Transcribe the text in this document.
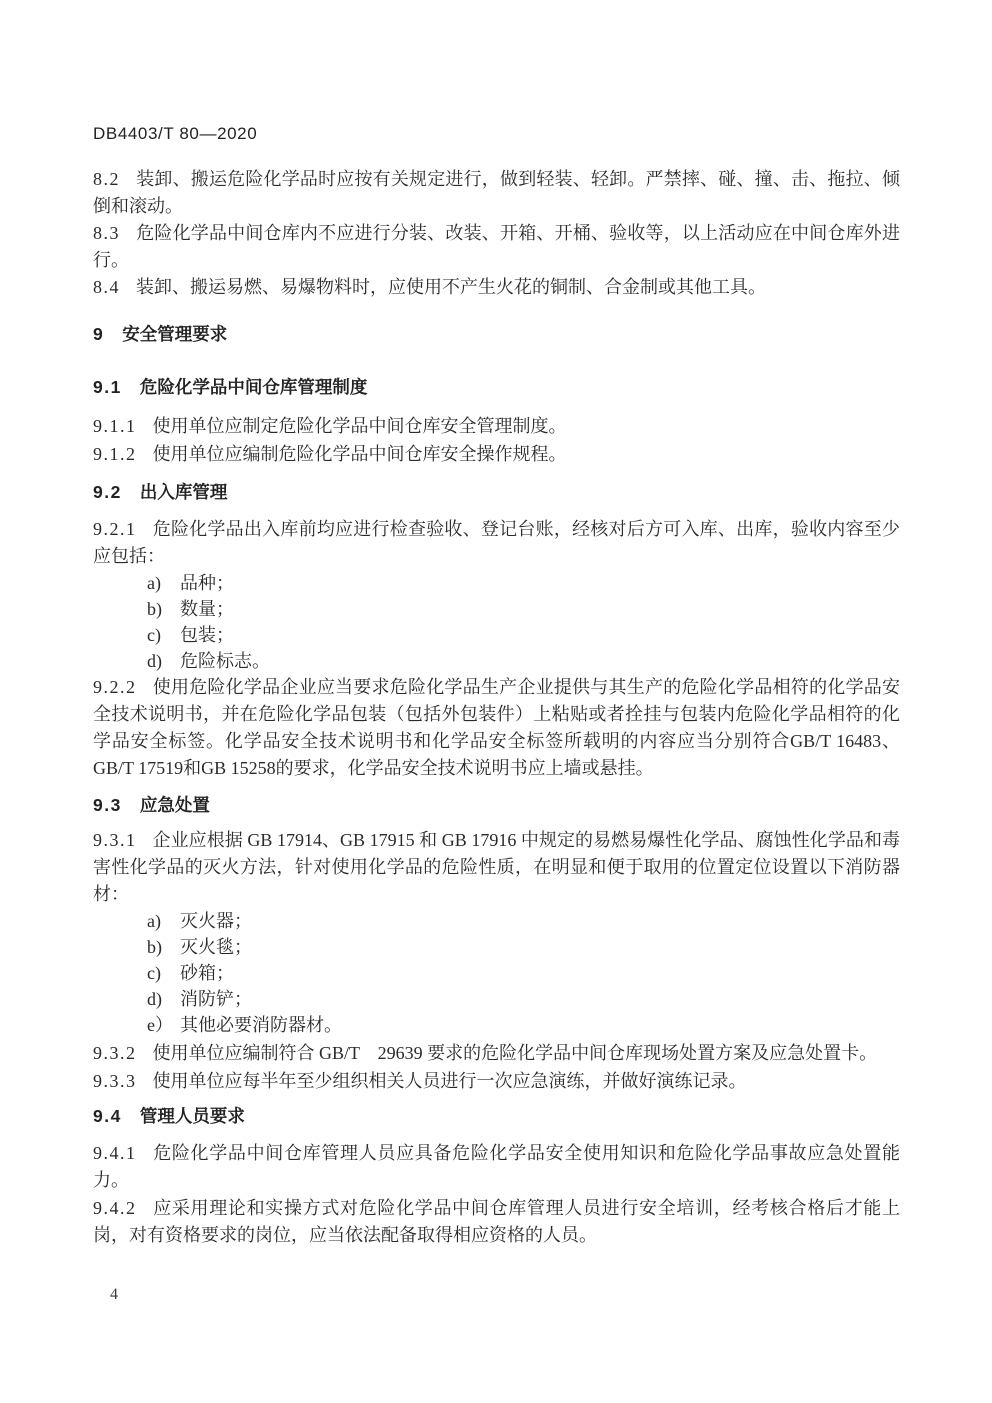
DB4403/T 80—2020

8.2 装卸、搬运危险化学品时应按有关规定进行，做到轻装、轻卸。严禁摔、碰、撞、击、拖拉、倾倒和滚动。

8.3 危险化学品中间仓库内不应进行分装、改装、开箱、开桶、验收等，以上活动应在中间仓库外进行。

8.4 装卸、搬运易燃、易爆物料时，应使用不产生火花的铜制、合金制或其他工具。

9 安全管理要求
9.1 危险化学品中间仓库管理制度

9.1.1 使用单位应制定危险化学品中间仓库安全管理制度。

9.1.2 使用单位应编制危险化学品中间仓库安全操作规程。

9.2 出入库管理

9.2.1 危险化学品出入库前均应进行检查验收、登记台账，经核对后方可入库、出库，验收内容至少应包括：

a) 品种；
b) 数量；
c) 包装；
d) 危险标志。

9.2.2 使用危险化学品企业应当要求危险化学品生产企业提供与其生产的危险化学品相符的化学品安全技术说明书，并在危险化学品包装（包括外包装件）上粘贴或者拴挂与包装内危险化学品相符的化学品安全标签。化学品安全技术说明书和化学品安全标签所载明的内容应当分别符合GB/T 16483、GB/T 17519和GB 15258的要求，化学品安全技术说明书应上墙或悬挂。

9.3 应急处置

9.3.1 企业应根据 GB 17914、GB 17915 和 GB 17916 中规定的易燃易爆性化学品、腐蚀性化学品和毒害性化学品的灭火方法，针对使用化学品的危险性质，在明显和便于取用的位置定位设置以下消防器材：

a) 灭火器；
b) 灭火毯；
c) 砂箱；
d) 消防铲；
e） 其他必要消防器材。

9.3.2 使用单位应编制符合 GB/T　29639 要求的危险化学品中间仓库现场处置方案及应急处置卡。

9.3.3 使用单位应每半年至少组织相关人员进行一次应急演练，并做好演练记录。

9.4 管理人员要求

9.4.1 危险化学品中间仓库管理人员应具备危险化学品安全使用知识和危险化学品事故应急处置能力。

9.4.2 应采用理论和实操方式对危险化学品中间仓库管理人员进行安全培训，经考核合格后才能上岗，对有资格要求的岗位，应当依法配备取得相应资格的人员。

4
